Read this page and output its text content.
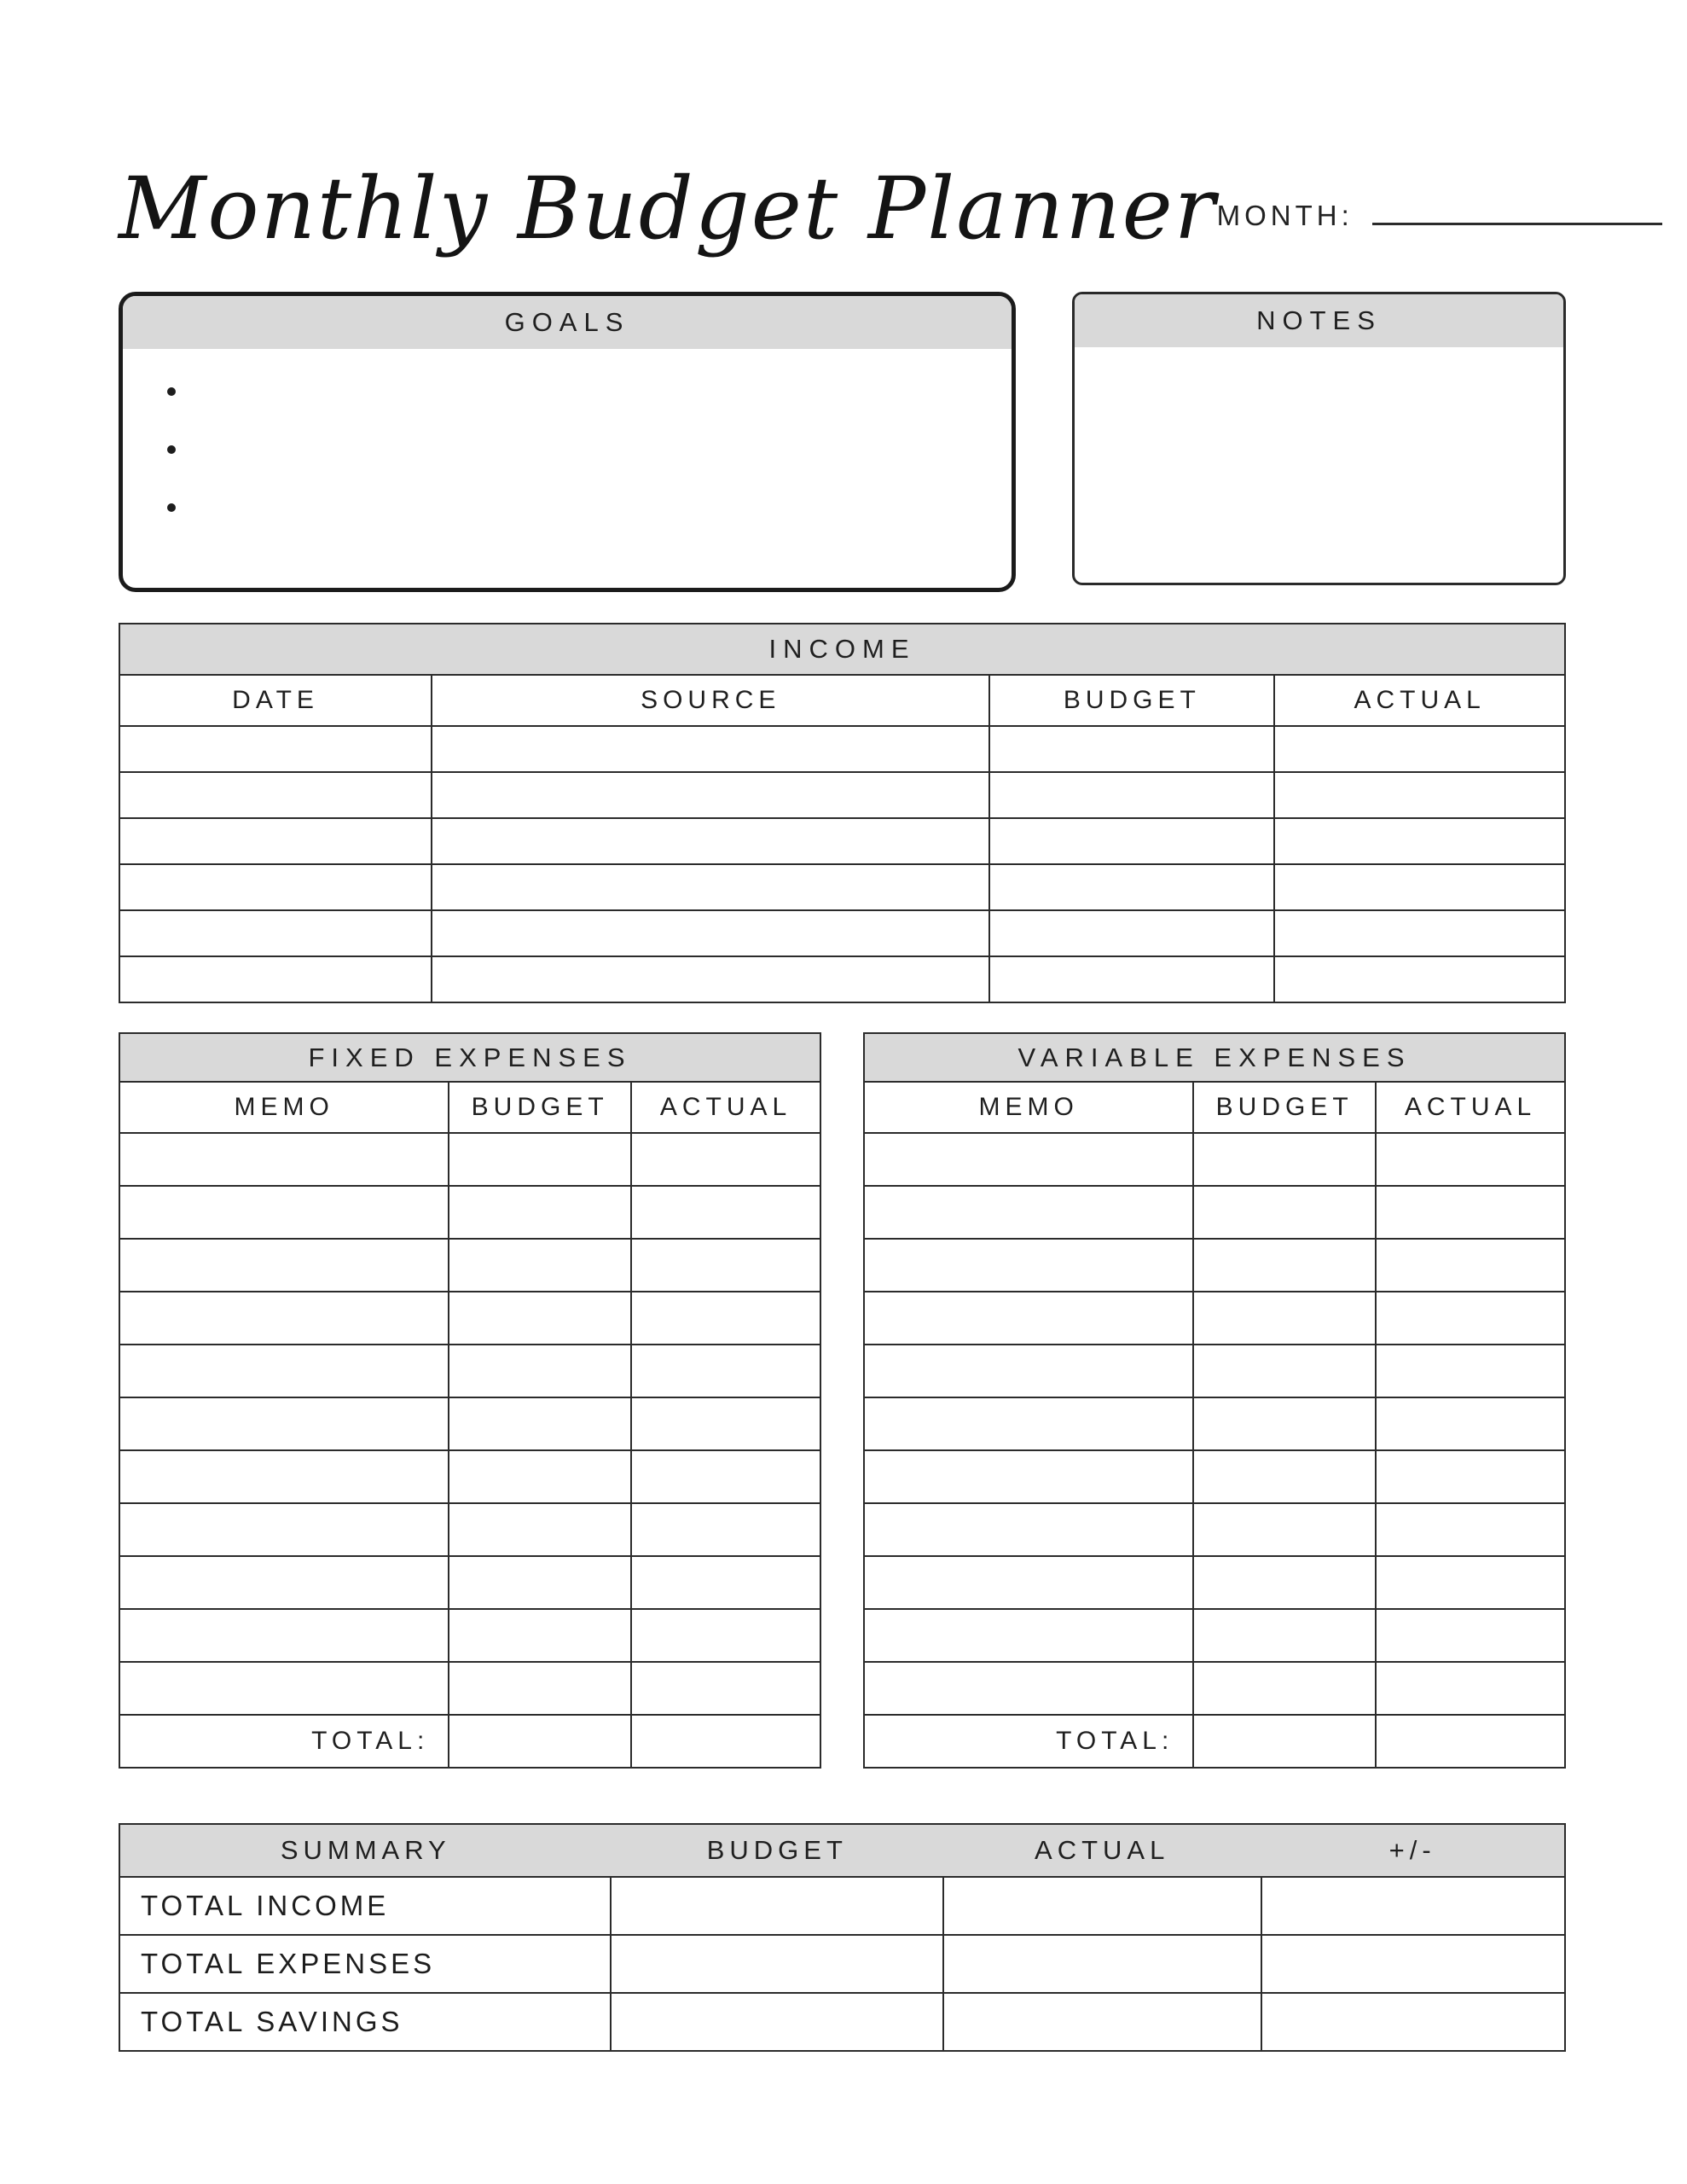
Monthly Budget Planner MONTH:
GOALS	NOTES
INCOME			
DATE	SOURCE	BUDGET	ACTUAL

FIXED EXPENSES		
MEMO	BUDGET	ACTUAL

TOTAL:		
VARIABLE EXPENSES		
MEMO	BUDGET	ACTUAL

TOTAL:		
SUMMARY BUDGET ACTUAL +/-			

TOTAL INCOME			
TOTAL EXPENSES			
TOTAL SAVINGS			
